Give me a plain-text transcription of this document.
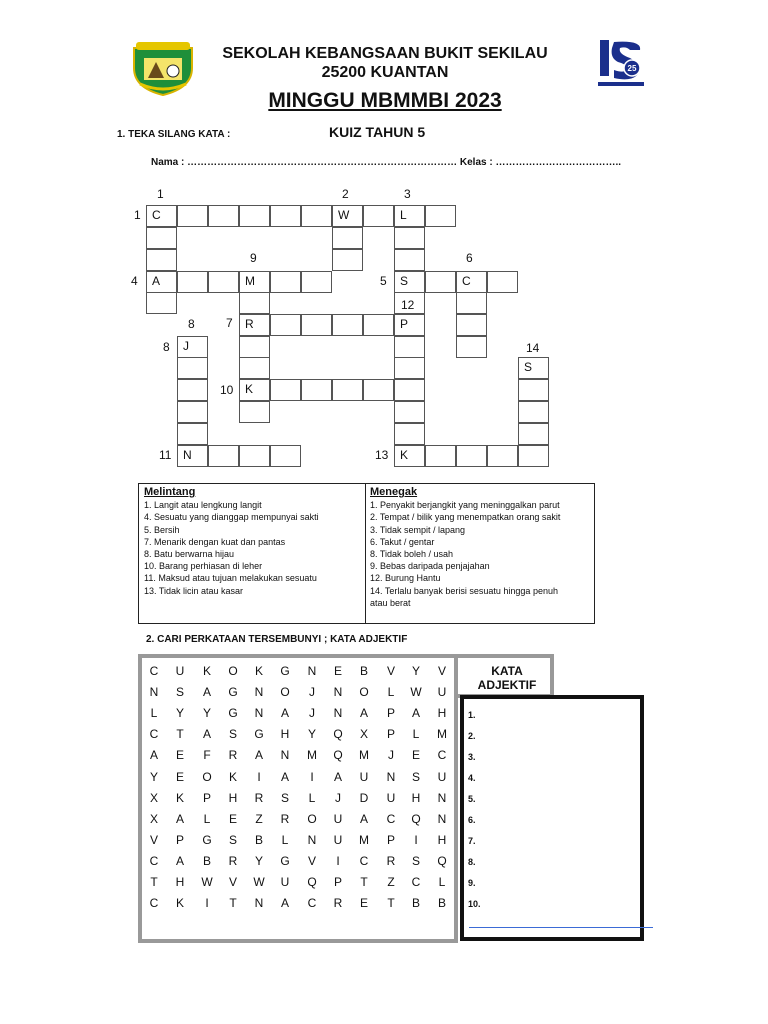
SEKOLAH KEBANGSAAN BUKIT SEKILAU
25200 KUANTAN	25
MINGGU MBMMBI 2023
1. TEKA SILANG KATA :	KUIZ TAHUN 5
Nama : ……………………………………………………………………… Kelas : ………………………………..
C	W	L
A	M	S	C
R	P
J
S
K
N	K
1	2	3
1
9	6
4	5
12
8	7
8	14
10
11	13
Melintang
1. Langit atau lengkung langit
4. Sesuatu yang dianggap mempunyai sakti
5. Bersih
7. Menarik dengan kuat dan pantas
8. Batu berwarna hijau
10. Barang perhiasan di leher
11. Maksud atau tujuan melakukan sesuatu
13. Tidak licin atau kasar
Menegak
1. Penyakit berjangkit yang meninggalkan parut
2. Tempat / bilik yang menempatkan orang sakit
3. Tidak sempit / lapang
6. Takut / gentar
8. Tidak boleh / usah
9. Bebas daripada penjajahan
12. Burung Hantu
14. Terlalu banyak berisi sesuatu hingga penuh
atau berat
2. CARI PERKATAAN TERSEMBUNYI ; KATA ADJEKTIF
C	U	K	O	K	G	N	E	B	V	Y	V
N	S	A	G	N	O	J	N	O	L	W	U
L	Y	Y	G	N	A	J	N	A	P	A	H
C	T	A	S	G	H	Y	Q	X	P	L	M
A	E	F	R	A	N	M	Q	M	J	E	C
Y	E	O	K	I	A	I	A	U	N	S	U
X	K	P	H	R	S	L	J	D	U	H	N
X	A	L	E	Z	R	O	U	A	C	Q	N
V	P	G	S	B	L	N	U	M	P	I	H
C	A	B	R	Y	G	V	I	C	R	S	Q
T	H	W	V	W	U	Q	P	T	Z	C	L
C	K	I	T	N	A	C	R	E	T	B	B
KATA
ADJEKTIF
1.
2.
3.
4.
5.
6.
7.
8.
9.
10.
